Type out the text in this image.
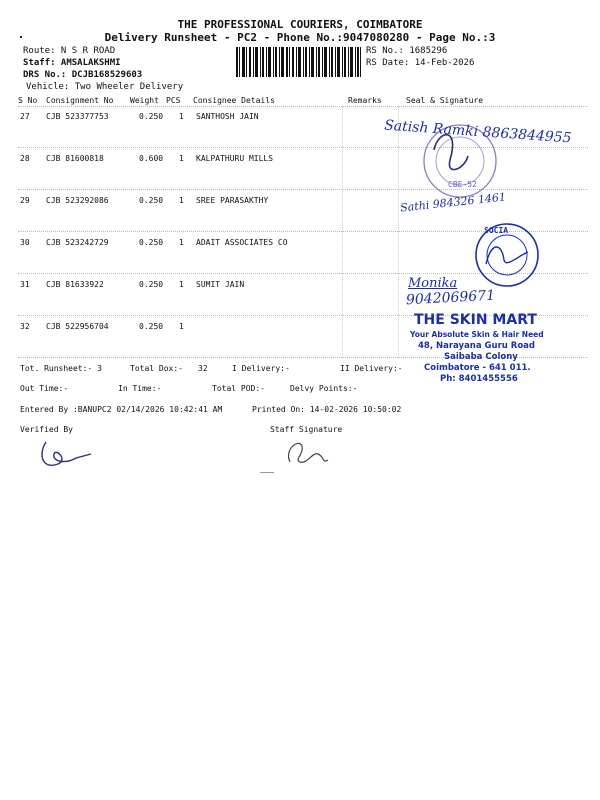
THE PROFESSIONAL COURIERS, COIMBATORE
Delivery Runsheet - PC2 - Phone No.:9047080280 - Page No.:3
Route: N S R ROAD
Staff: AMSALAKSHMI
DRS No.: DCJB168529603
Vehicle: Two Wheeler Delivery
RS No.: 1685296
RS Date: 14-Feb-2026
S No Consignment No Weight PCS Consignee Details	Remarks	Seal & Signature
27 CJB 523377753	0.250 1 SANTHOSH JAIN
28 CJB 81600818	0.600 1 KALPATHURU MILLS
29 CJB 523292086	0.250 1 SREE PARASAKTHY
30 CJB 523242729	0.250 1 ADAIT ASSOCIATES CO
31 CJB 81633922	0.250 1 SUMIT JAIN
32 CJB 522956704	0.250 1
Tot. Runsheet:- 3	Total Dox:- 32	I Delivery:-	II Delivery:-
Out Time:-	In Time:-	Total POD:-	Delvy Points:-
Entered By :BANUPC2 02/14/2026 10:42:41 AM	Printed On: 14-02-2026 10:50:02
Verified By	Staff Signature
Satish Ramki 8863844955
CBE-52
Sathi 984326 1461
SOCIA
Monika
9042069671
THE SKIN MART
Your Absolute Skin & Hair Need
48, Narayana Guru Road
Saibaba Colony
Coimbatore - 641 011.
Ph: 8401455556
